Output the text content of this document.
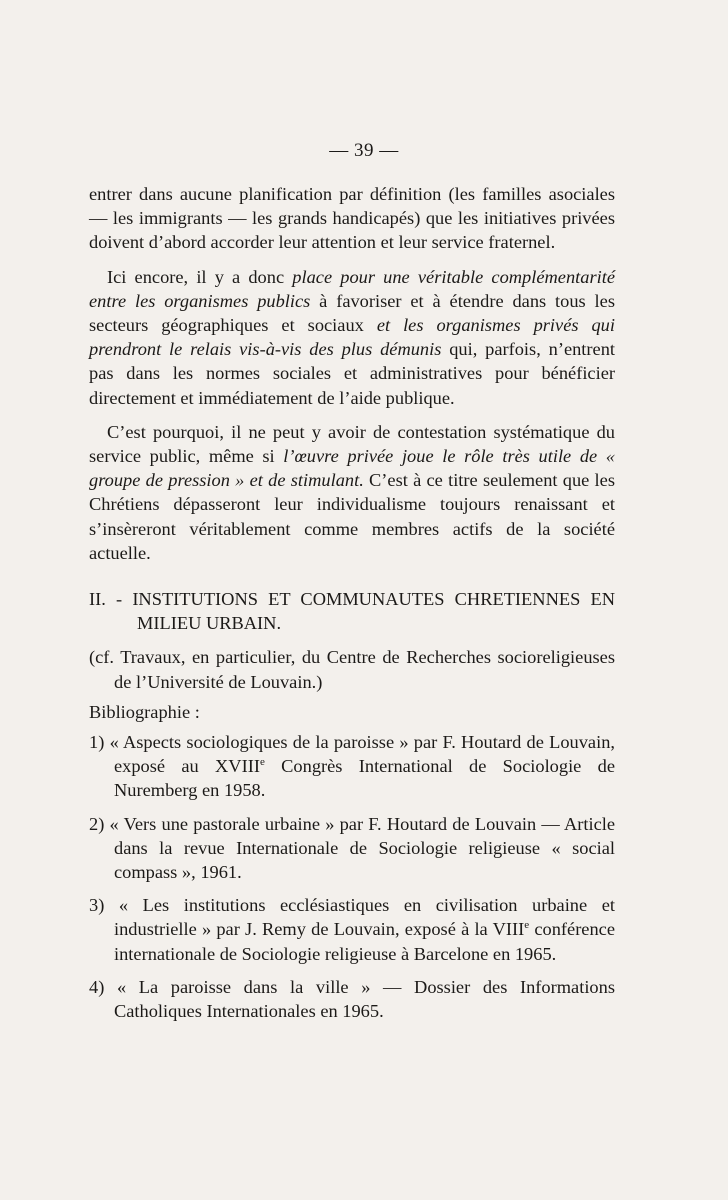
— 39 —

entrer dans aucune planification par définition (les familles asociales — les immigrants — les grands handicapés) que les initiatives privées doivent d’abord accorder leur attention et leur service fraternel.

Ici encore, il y a donc place pour une véritable complémentarité entre les organismes publics à favoriser et à étendre dans tous les secteurs géographiques et sociaux et les organismes privés qui prendront le relais vis-à-vis des plus démunis qui, parfois, n’entrent pas dans les normes sociales et administratives pour bénéficier directement et immédiatement de l’aide publique.

C’est pourquoi, il ne peut y avoir de contestation systématique du service public, même si l’œuvre privée joue le rôle très utile de « groupe de pression » et de stimulant. C’est à ce titre seulement que les Chrétiens dépasseront leur individualisme toujours renaissant et s’insèreront véritablement comme membres actifs de la société actuelle.

II. - INSTITUTIONS ET COMMUNAUTES CHRETIENNES EN MILIEU URBAIN.

(cf. Travaux, en particulier, du Centre de Recherches socioreligieuses de l’Université de Louvain.)

Bibliographie :

1) « Aspects sociologiques de la paroisse » par F. Houtard de Louvain, exposé au XVIIIe Congrès International de Sociologie de Nuremberg en 1958.

2) « Vers une pastorale urbaine » par F. Houtard de Louvain — Article dans la revue Internationale de Sociologie religieuse « social compass », 1961.

3) « Les institutions ecclésiastiques en civilisation urbaine et industrielle » par J. Remy de Louvain, exposé à la VIIIe conférence internationale de Sociologie religieuse à Barcelone en 1965.

4) « La paroisse dans la ville » — Dossier des Informations Catholiques Internationales en 1965.
